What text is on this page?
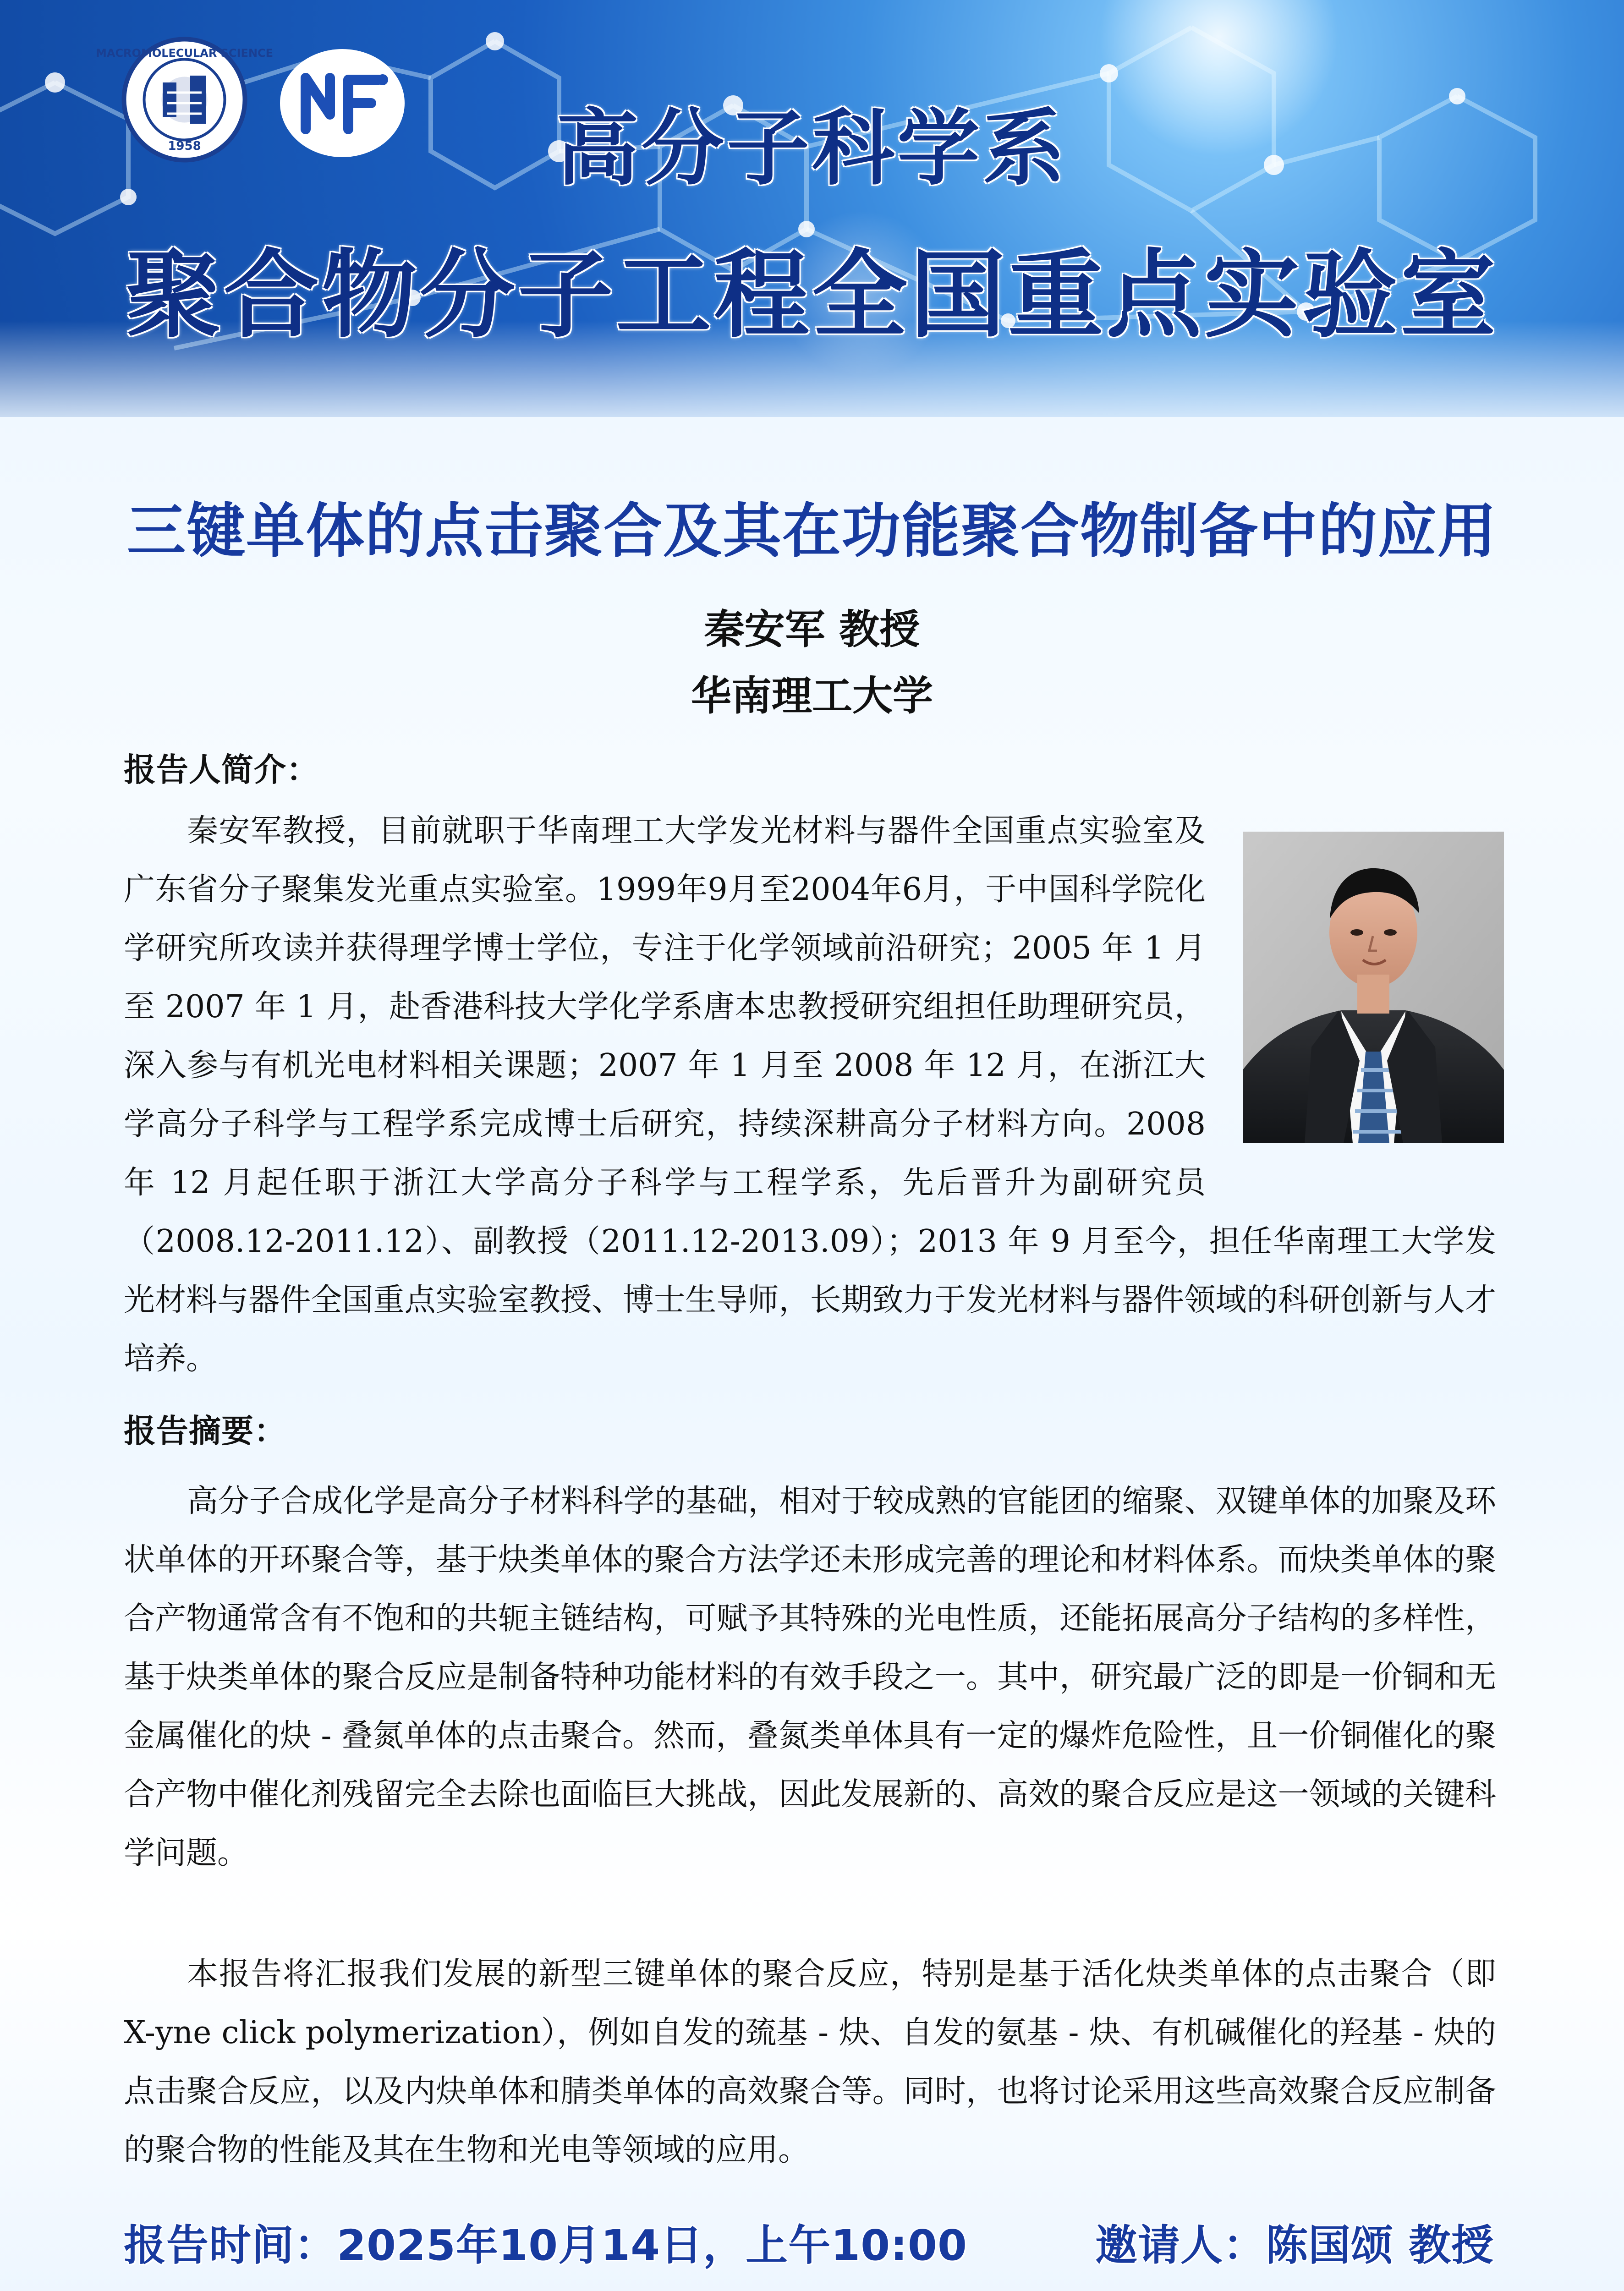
MACROMOLECULAR SCIENCE
1958	高分子科学系
聚合物分子工程全国重点实验室
三键单体的点击聚合及其在功能聚合物制备中的应用
秦安军 教授
华南理工大学
报告人简介：

秦安军教授，目前就职于华南理工大学发光材料与器件全国重点实验室及广东省分子聚集发光重点实验室。1999年9月至2004年6月，于中国科学院化学研究所攻读并获得理学博士学位，专注于化学领域前沿研究；2005 年 1 月至 2007 年 1 月，赴香港科技大学化学系唐本忠教授研究组担任助理研究员，深入参与有机光电材料相关课题；2007 年 1 月至 2008 年 12 月，在浙江大学高分子科学与工程学系完成博士后研究，持续深耕高分子材料方向。2008 年 12 月起任职于浙江大学高分子科学与工程学系，先后晋升为副研究员（2008.12-2011.12）、副教授（2011.12-2013.09）；2013 年 9 月至今，担任华南理工大学发光材料与器件全国重点实验室教授、博士生导师，长期致力于发光材料与器件领域的科研创新与人才培养。

报告摘要：

高分子合成化学是高分子材料科学的基础，相对于较成熟的官能团的缩聚、双键单体的加聚及环状单体的开环聚合等，基于炔类单体的聚合方法学还未形成完善的理论和材料体系。而炔类单体的聚合产物通常含有不饱和的共轭主链结构，可赋予其特殊的光电性质，还能拓展高分子结构的多样性，基于炔类单体的聚合反应是制备特种功能材料的有效手段之一。其中，研究最广泛的即是一价铜和无金属催化的炔 - 叠氮单体的点击聚合。然而，叠氮类单体具有一定的爆炸危险性，且一价铜催化的聚合产物中催化剂残留完全去除也面临巨大挑战，因此发展新的、高效的聚合反应是这一领域的关键科学问题。

本报告将汇报我们发展的新型三键单体的聚合反应，特别是基于活化炔类单体的点击聚合（即 X-yne click polymerization），例如自发的巯基 - 炔、自发的氨基 - 炔、有机碱催化的羟基 - 炔的点击聚合反应，以及内炔单体和腈类单体的高效聚合等。同时，也将讨论采用这些高效聚合反应制备的聚合物的性能及其在生物和光电等领域的应用。

报告时间：2025年10月14日，上午10:00	邀请人：陈国颂 教授
